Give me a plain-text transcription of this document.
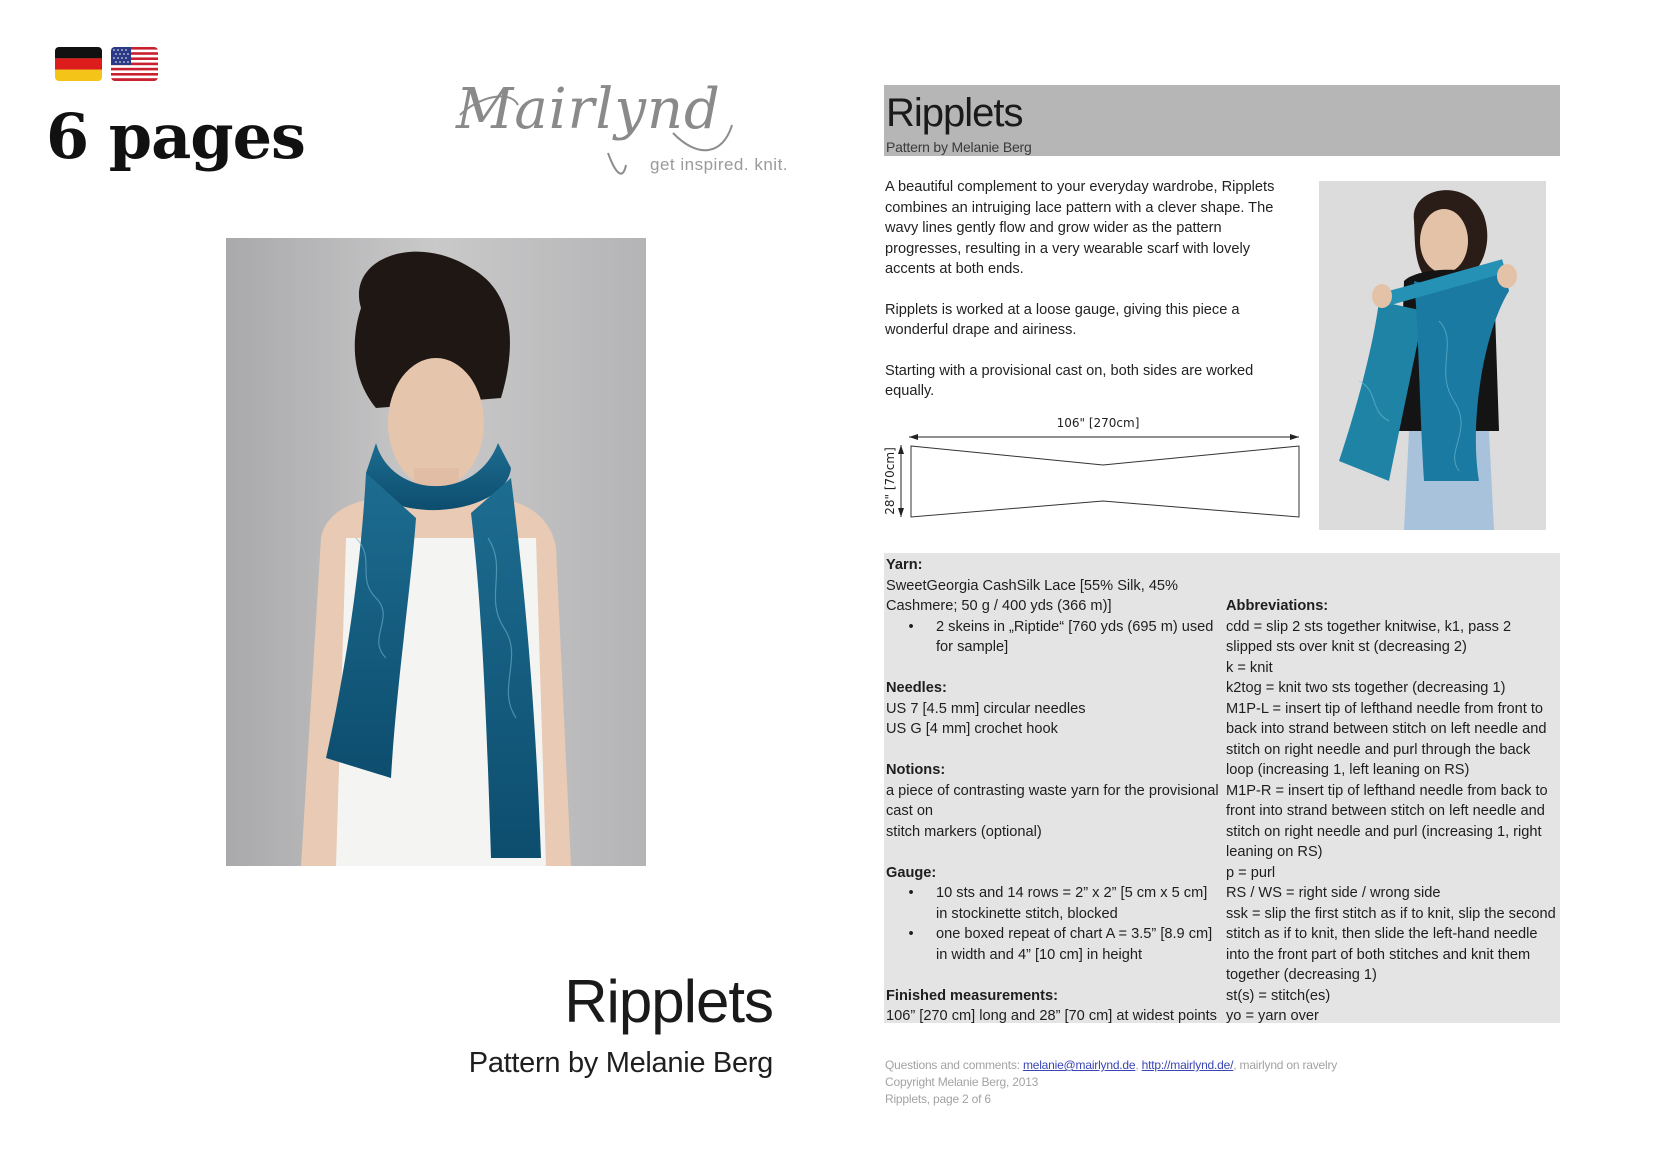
6 pages	Mairlynd
get inspired. knit.
Ripplets
Pattern by Melanie Berg
Ripplets
Pattern by Melanie Berg

A beautiful complement to your everyday wardrobe, Ripplets combines an intruiging lace pattern with a clever shape. The wavy lines gently flow and grow wider as the pattern progresses, resulting in a very wearable scarf with lovely accents at both ends.

Ripplets is worked at a loose gauge, giving this piece a wonderful drape and airiness.

Starting with a provisional cast on, both sides are worked equally.

106" [270cm]
28" [70cm]
Yarn:
SweetGeorgia CashSilk Lace [55% Silk, 45% Cashmere; 50 g / 400 yds (366 m)]
•	2 skeins in „Riptide“ [760 yds (695 m) used for sample]
Needles:
US 7 [4.5 mm] circular needles
US G [4 mm] crochet hook
Notions:
a piece of contrasting waste yarn for the provisional cast on
stitch markers (optional)
Gauge:
•	10 sts and 14 rows = 2” x 2” [5 cm x 5 cm] in stockinette stitch, blocked
•	one boxed repeat of chart A = 3.5” [8.9 cm] in width and 4” [10 cm] in height
Finished measurements:
106” [270 cm] long and 28” [70 cm] at widest points
Abbreviations:
cdd = slip 2 sts together knitwise, k1, pass 2 slipped sts over knit st (decreasing 2)
k = knit
k2tog = knit two sts together (decreasing 1)
M1P-L = insert tip of lefthand needle from front to back into strand between stitch on left needle and stitch on right needle and purl through the back loop (increasing 1, left leaning on RS)
M1P-R = insert tip of lefthand needle from back to front into strand between stitch on left needle and stitch on right needle and purl (increasing 1, right leaning on RS)
p = purl
RS / WS = right side / wrong side
ssk = slip the first stitch as if to knit, slip the second stitch as if to knit, then slide the left-hand needle into the front part of both stitches and knit them together (decreasing 1)
st(s) = stitch(es)
yo = yarn over
Questions and comments: melanie@mairlynd.de, http://mairlynd.de/, mairlynd on ravelry
Copyright Melanie Berg, 2013
Ripplets, page 2 of 6
